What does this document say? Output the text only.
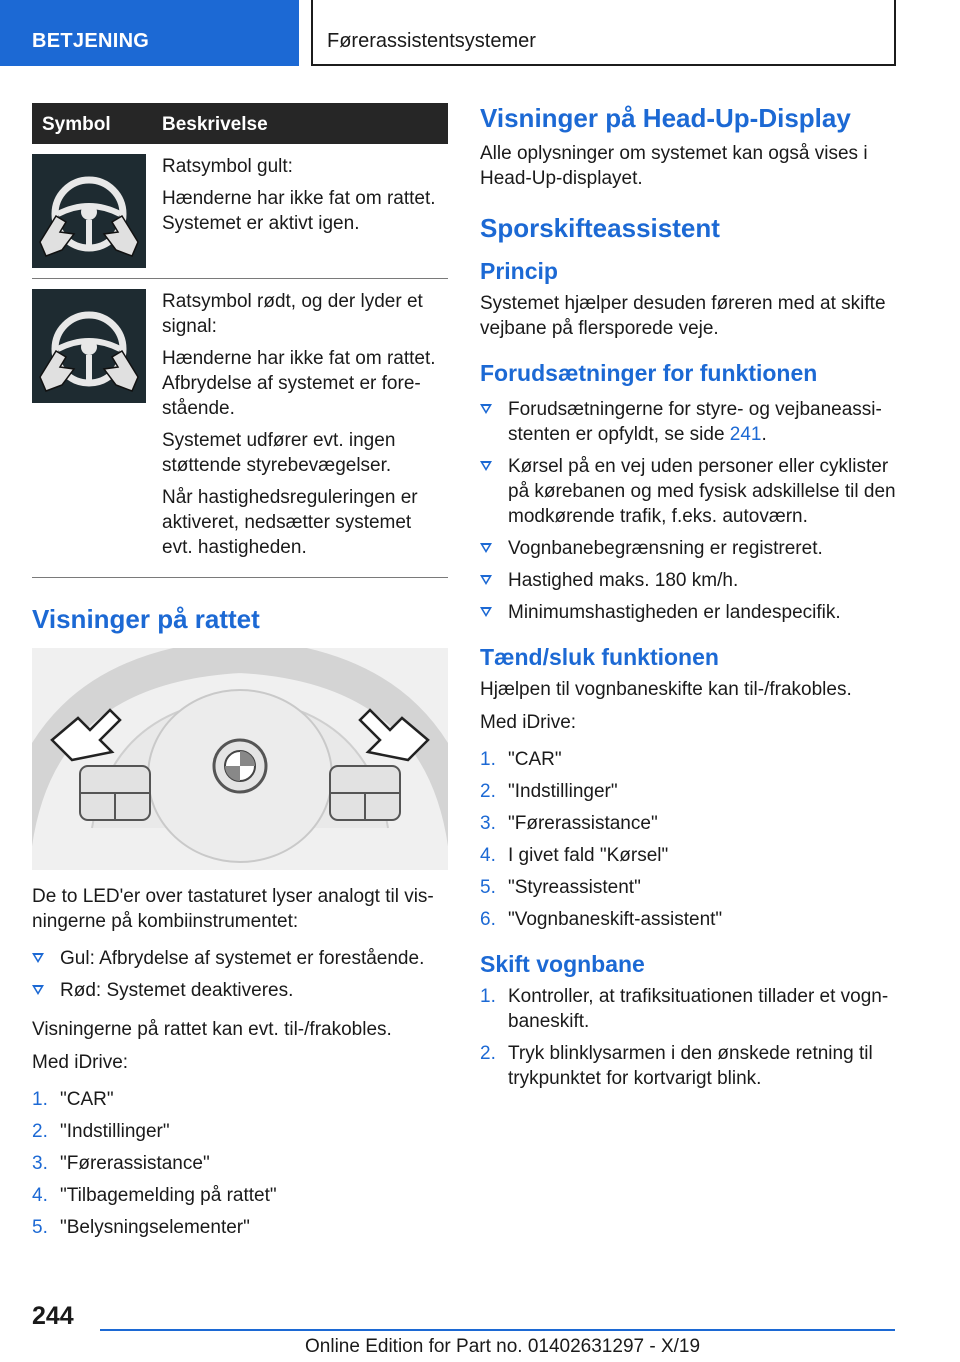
BETJENING	Førerassistentsystemer
Symbol	Beskrivelse

Ratsymbol gult:

Hænderne har ikke fat om rattet. Systemet er aktivt igen.

Ratsymbol rødt, og der lyder et signal:

Hænderne har ikke fat om rattet. Afbrydelse af systemet er fore-stående.

Systemet udfører evt. ingen støttende styrebevægelser.

Når hastighedsreguleringen er aktiveret, nedsætter systemet evt. hastigheden.

Visninger på rattet

De to LED'er over tastaturet lyser analogt til vis-ningerne på kombiinstrumentet:

Gul: Afbrydelse af systemet er forestående.
Rød: Systemet deaktiveres.

Visningerne på rattet kan evt. til-/frakobles.

Med iDrive:

1. "CAR"
2. "Indstillinger"
3. "Førerassistance"
4. "Tilbagemelding på rattet"
5. "Belysningselementer"
Visninger på Head-Up-Display

Alle oplysninger om systemet kan også vises i Head-Up-displayet.

Sporskifteassistent
Princip

Systemet hjælper desuden føreren med at skifte vejbane på flersporede veje.

Forudsætninger for funktionen
Forudsætningerne for styre- og vejbaneassi-stenten er opfyldt, se side 241.
Kørsel på en vej uden personer eller cyklister på kørebanen og med fysisk adskillelse til den modkørende trafik, f.eks. autoværn.
Vognbanebegrænsning er registreret.
Hastighed maks. 180 km/h.
Minimumshastigheden er landespecifik.
Tænd/sluk funktionen

Hjælpen til vognbaneskifte kan til-/frakobles.

Med iDrive:

1. "CAR"
2. "Indstillinger"
3. "Førerassistance"
4. I givet fald "Kørsel"
5. "Styreassistent"
6. "Vognbaneskift-assistent"
Skift vognbane
1. Kontroller, at trafiksituationen tillader et vogn-baneskift.
2. Tryk blinklysarmen i den ønskede retning til trykpunktet for kortvarigt blink.
244
Online Edition for Part no. 01402631297 - X/19
